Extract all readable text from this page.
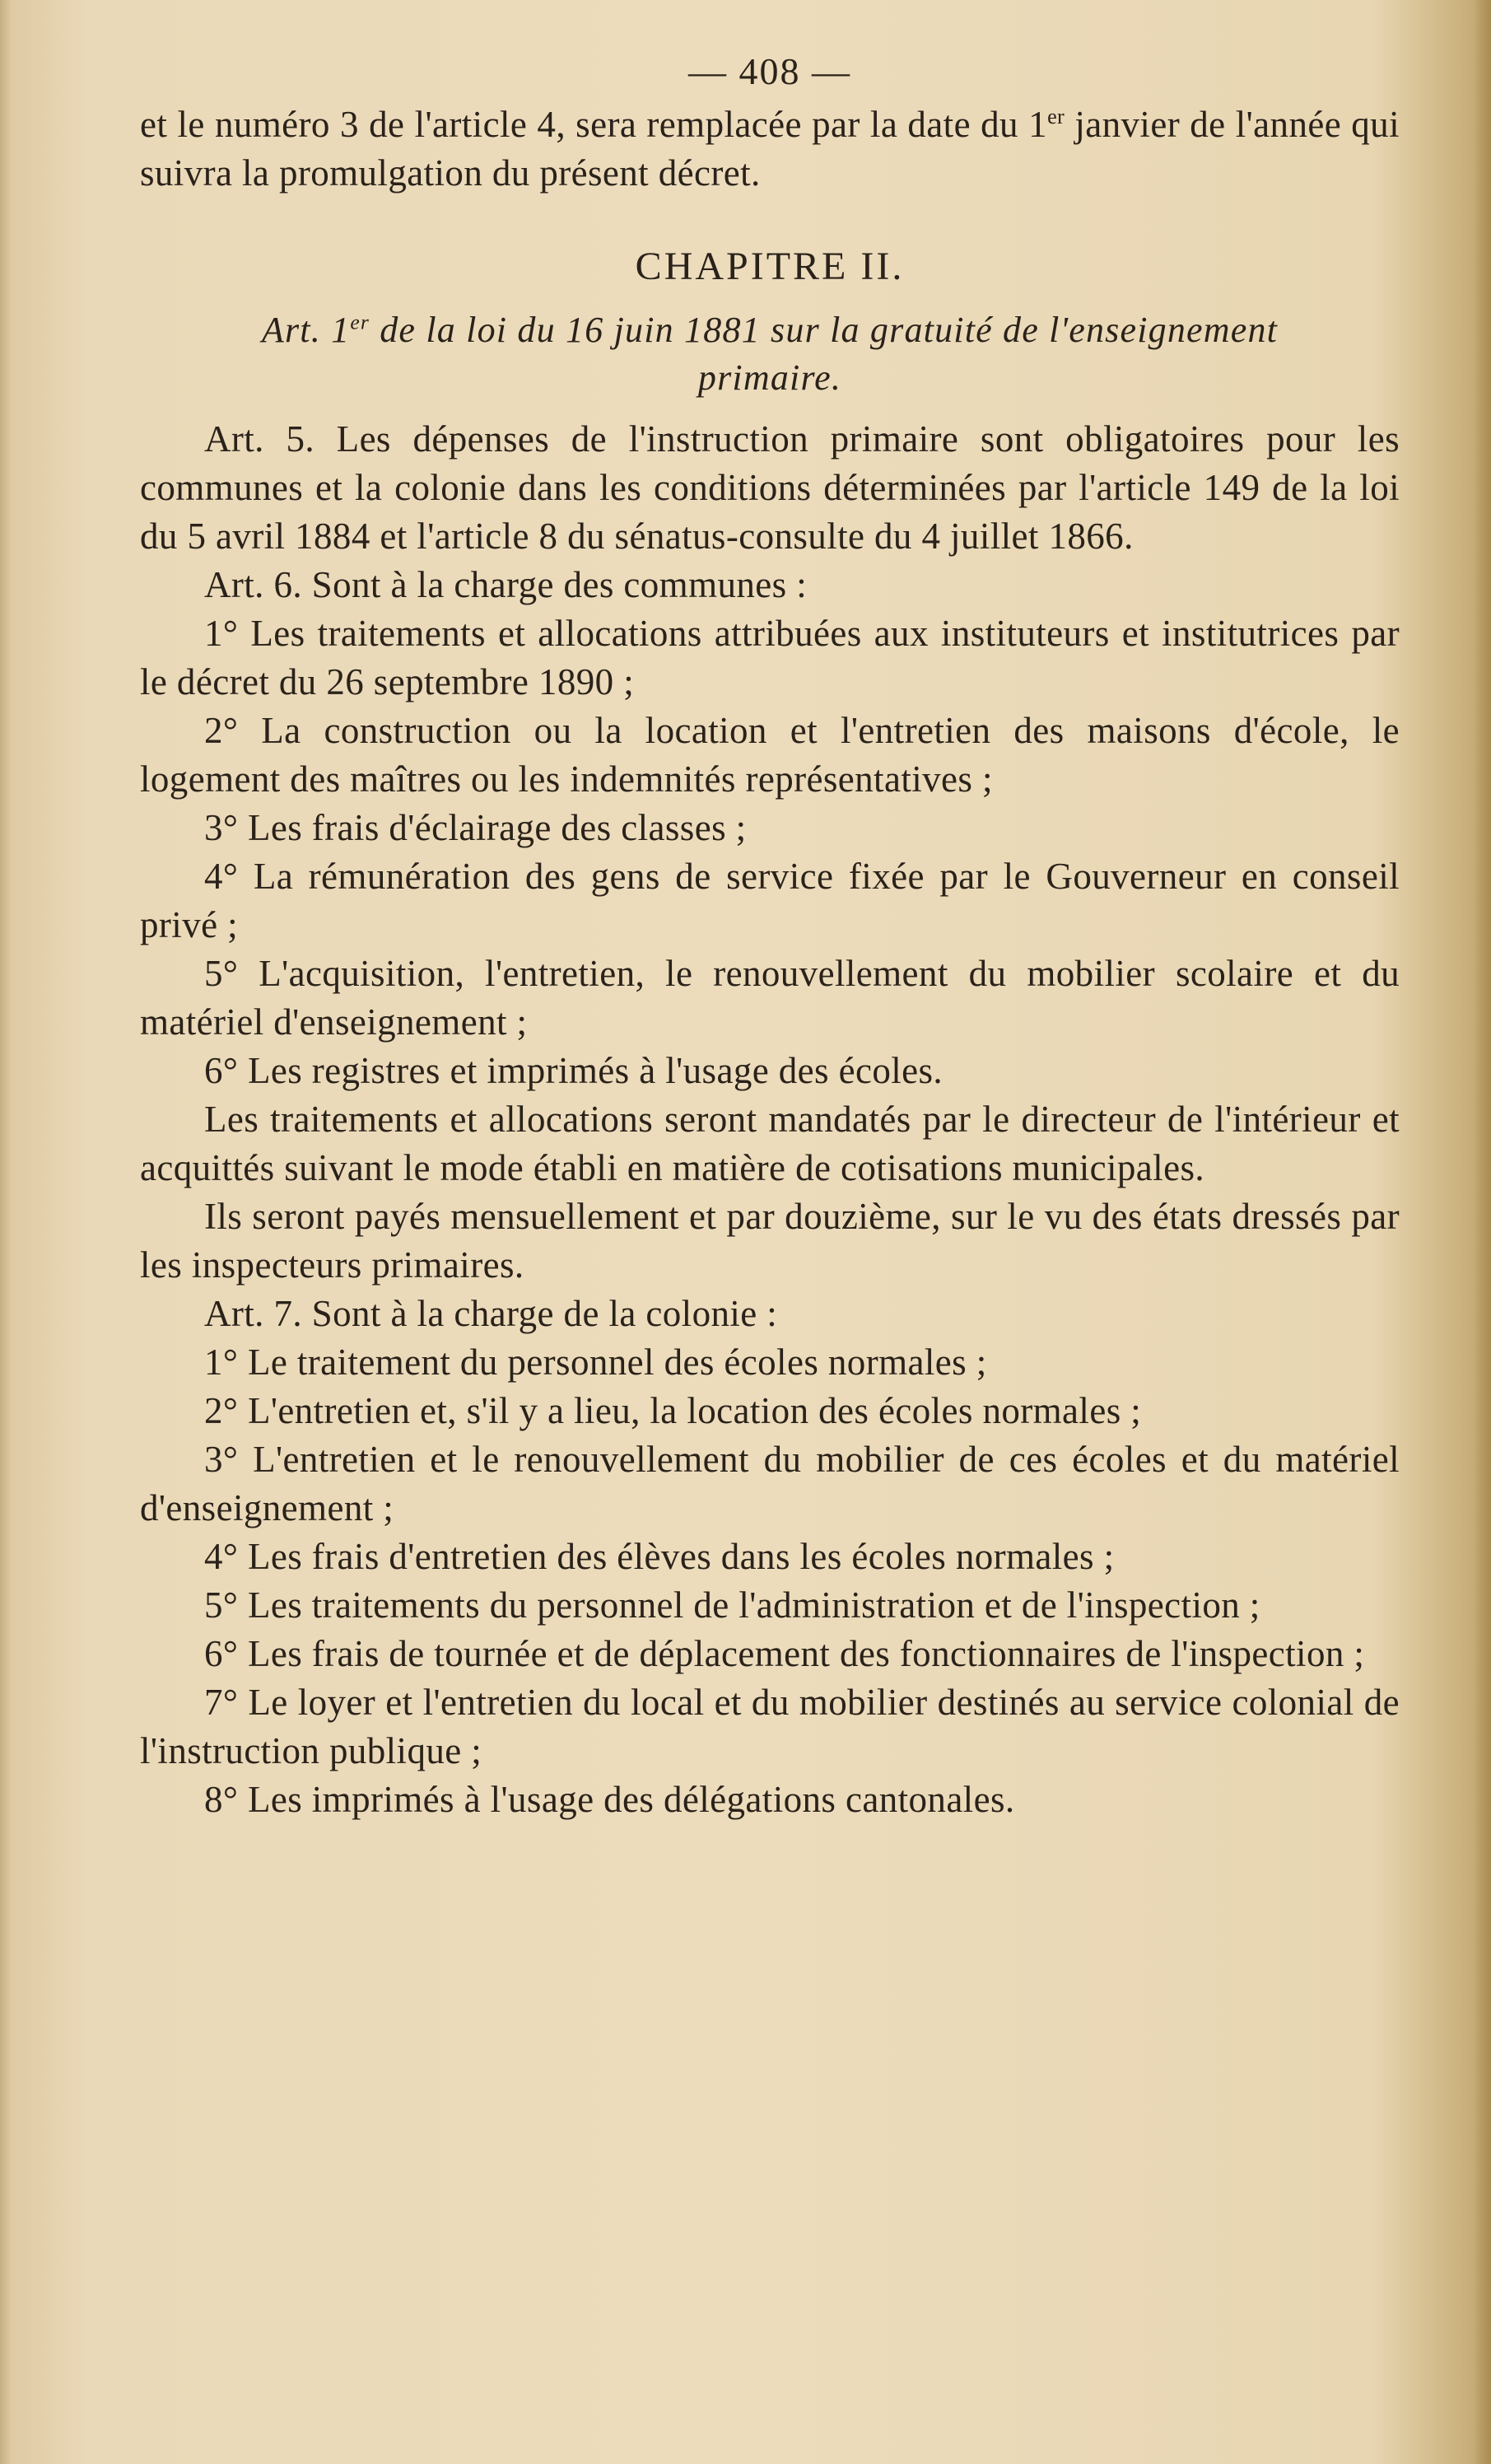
— 408 —

et le numéro 3 de l'article 4, sera remplacée par la date du 1er janvier de l'année qui suivra la promulgation du présent décret.

CHAPITRE II.

Art. 1er de la loi du 16 juin 1881 sur la gratuité de l'enseignement primaire.

Art. 5. Les dépenses de l'instruction primaire sont obligatoires pour les communes et la colonie dans les conditions déterminées par l'article 149 de la loi du 5 avril 1884 et l'article 8 du sénatus-consulte du 4 juillet 1866.

Art. 6. Sont à la charge des communes :

1° Les traitements et allocations attribuées aux instituteurs et institutrices par le décret du 26 septembre 1890 ;

2° La construction ou la location et l'entretien des maisons d'école, le logement des maîtres ou les indemnités représentatives ;

3° Les frais d'éclairage des classes ;

4° La rémunération des gens de service fixée par le Gouverneur en conseil privé ;

5° L'acquisition, l'entretien, le renouvellement du mobilier scolaire et du matériel d'enseignement ;

6° Les registres et imprimés à l'usage des écoles.

Les traitements et allocations seront mandatés par le directeur de l'intérieur et acquittés suivant le mode établi en matière de cotisations municipales.

Ils seront payés mensuellement et par douzième, sur le vu des états dressés par les inspecteurs primaires.

Art. 7. Sont à la charge de la colonie :

1° Le traitement du personnel des écoles normales ;

2° L'entretien et, s'il y a lieu, la location des écoles normales ;

3° L'entretien et le renouvellement du mobilier de ces écoles et du matériel d'enseignement ;

4° Les frais d'entretien des élèves dans les écoles normales ;

5° Les traitements du personnel de l'administration et de l'inspection ;

6° Les frais de tournée et de déplacement des fonctionnaires de l'inspection ;

7° Le loyer et l'entretien du local et du mobilier destinés au service colonial de l'instruction publique ;

8° Les imprimés à l'usage des délégations cantonales.
